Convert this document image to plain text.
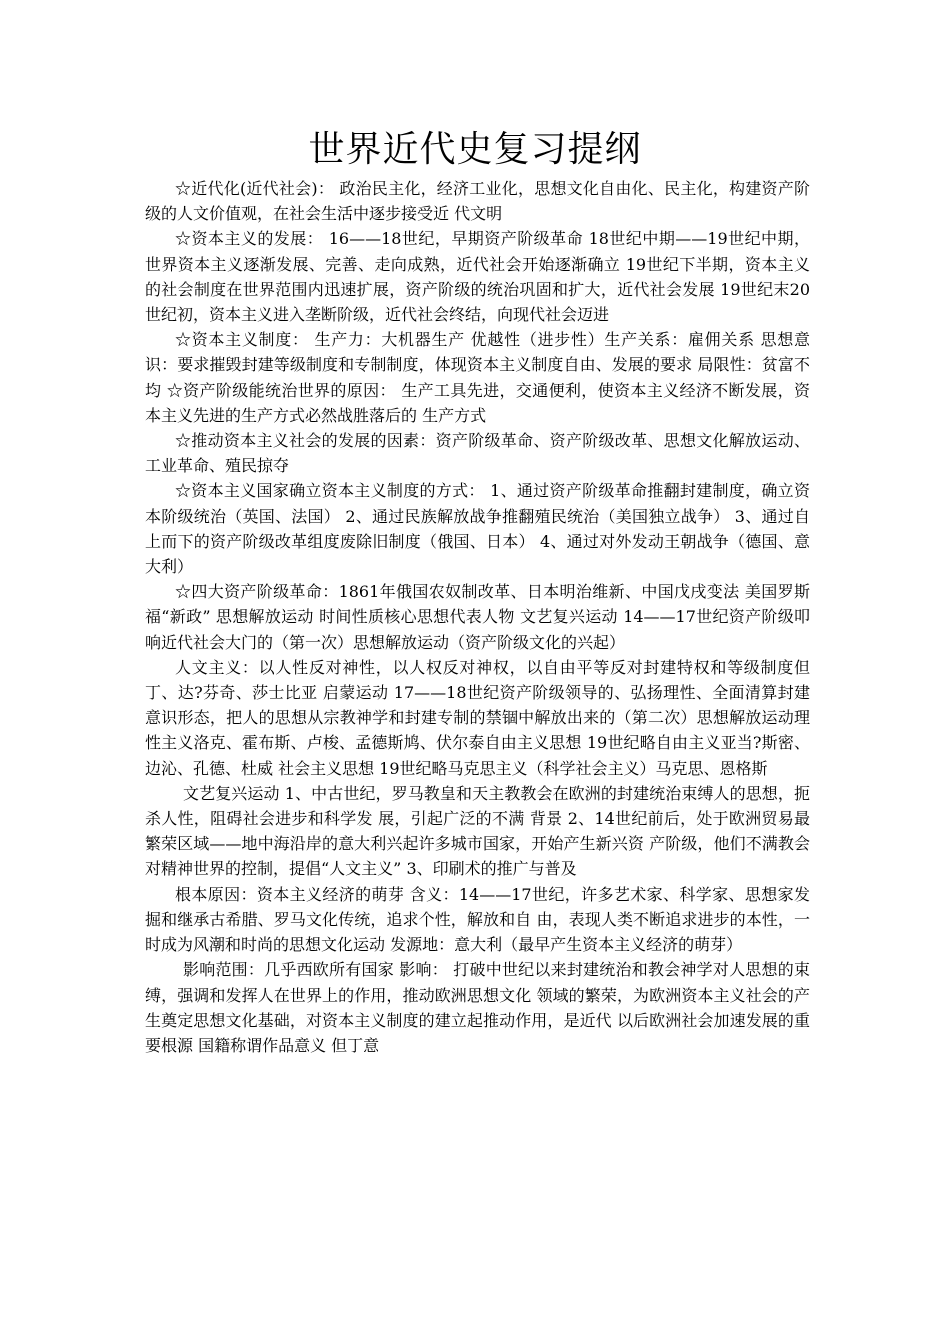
世界近代史复习提纲

☆近代化(近代社会)： 政治民主化，经济工业化，思想文化自由化、民主化，构建资产阶级的人文价值观，在社会生活中逐步接受近 代文明

☆资本主义的发展： 16——18世纪，早期资产阶级革命 18世纪中期——19世纪中期，世界资本主义逐渐发展、完善、走向成熟，近代社会开始逐渐确立 19世纪下半期，资本主义的社会制度在世界范围内迅速扩展，资产阶级的统治巩固和扩大，近代社会发展 19世纪末20世纪初，资本主义进入垄断阶级，近代社会终结，向现代社会迈进

☆资本主义制度： 生产力：大机器生产 优越性（进步性）生产关系：雇佣关系 思想意识：要求摧毁封建等级制度和专制制度，体现资本主义制度自由、发展的要求 局限性：贫富不均 ☆资产阶级能统治世界的原因： 生产工具先进，交通便利，使资本主义经济不断发展，资本主义先进的生产方式必然战胜落后的 生产方式

☆推动资本主义社会的发展的因素：资产阶级革命、资产阶级改革、思想文化解放运动、工业革命、殖民掠夺

☆资本主义国家确立资本主义制度的方式： 1、通过资产阶级革命推翻封建制度，确立资本阶级统治（英国、法国） 2、通过民族解放战争推翻殖民统治（美国独立战争） 3、通过自上而下的资产阶级改革组度废除旧制度（俄国、日本） 4、通过对外发动王朝战争（德国、意大利）

☆四大资产阶级革命：1861年俄国农奴制改革、日本明治维新、中国戊戌变法 美国罗斯福“新政” 思想解放运动 时间性质核心思想代表人物 文艺复兴运动 14——17世纪资产阶级叩响近代社会大门的（第一次）思想解放运动（资产阶级文化的兴起）

人文主义：以人性反对神性，以人权反对神权，以自由平等反对封建特权和等级制度但丁、达?芬奇、莎士比亚 启蒙运动 17——18世纪资产阶级领导的、弘扬理性、全面清算封建意识形态，把人的思想从宗教神学和封建专制的禁锢中解放出来的（第二次）思想解放运动理性主义洛克、霍布斯、卢梭、孟德斯鸠、伏尔泰自由主义思想 19世纪略自由主义亚当?斯密、边沁、孔德、杜威 社会主义思想 19世纪略马克思主义（科学社会主义）马克思、恩格斯

文艺复兴运动 1、中古世纪，罗马教皇和天主教教会在欧洲的封建统治束缚人的思想，扼杀人性，阻碍社会进步和科学发 展，引起广泛的不满 背景 2、14世纪前后，处于欧洲贸易最繁荣区域——地中海沿岸的意大利兴起许多城市国家，开始产生新兴资 产阶级，他们不满教会对精神世界的控制，提倡“人文主义” 3、印刷术的推广与普及

根本原因：资本主义经济的萌芽 含义：14——17世纪，许多艺术家、科学家、思想家发掘和继承古希腊、罗马文化传统，追求个性，解放和自 由，表现人类不断追求进步的本性，一时成为风潮和时尚的思想文化运动 发源地：意大利（最早产生资本主义经济的萌芽）

影响范围：几乎西欧所有国家 影响： 打破中世纪以来封建统治和教会神学对人思想的束缚，强调和发挥人在世界上的作用，推动欧洲思想文化 领域的繁荣，为欧洲资本主义社会的产生奠定思想文化基础，对资本主义制度的建立起推动作用，是近代 以后欧洲社会加速发展的重要根源 国籍称谓作品意义 但丁意
